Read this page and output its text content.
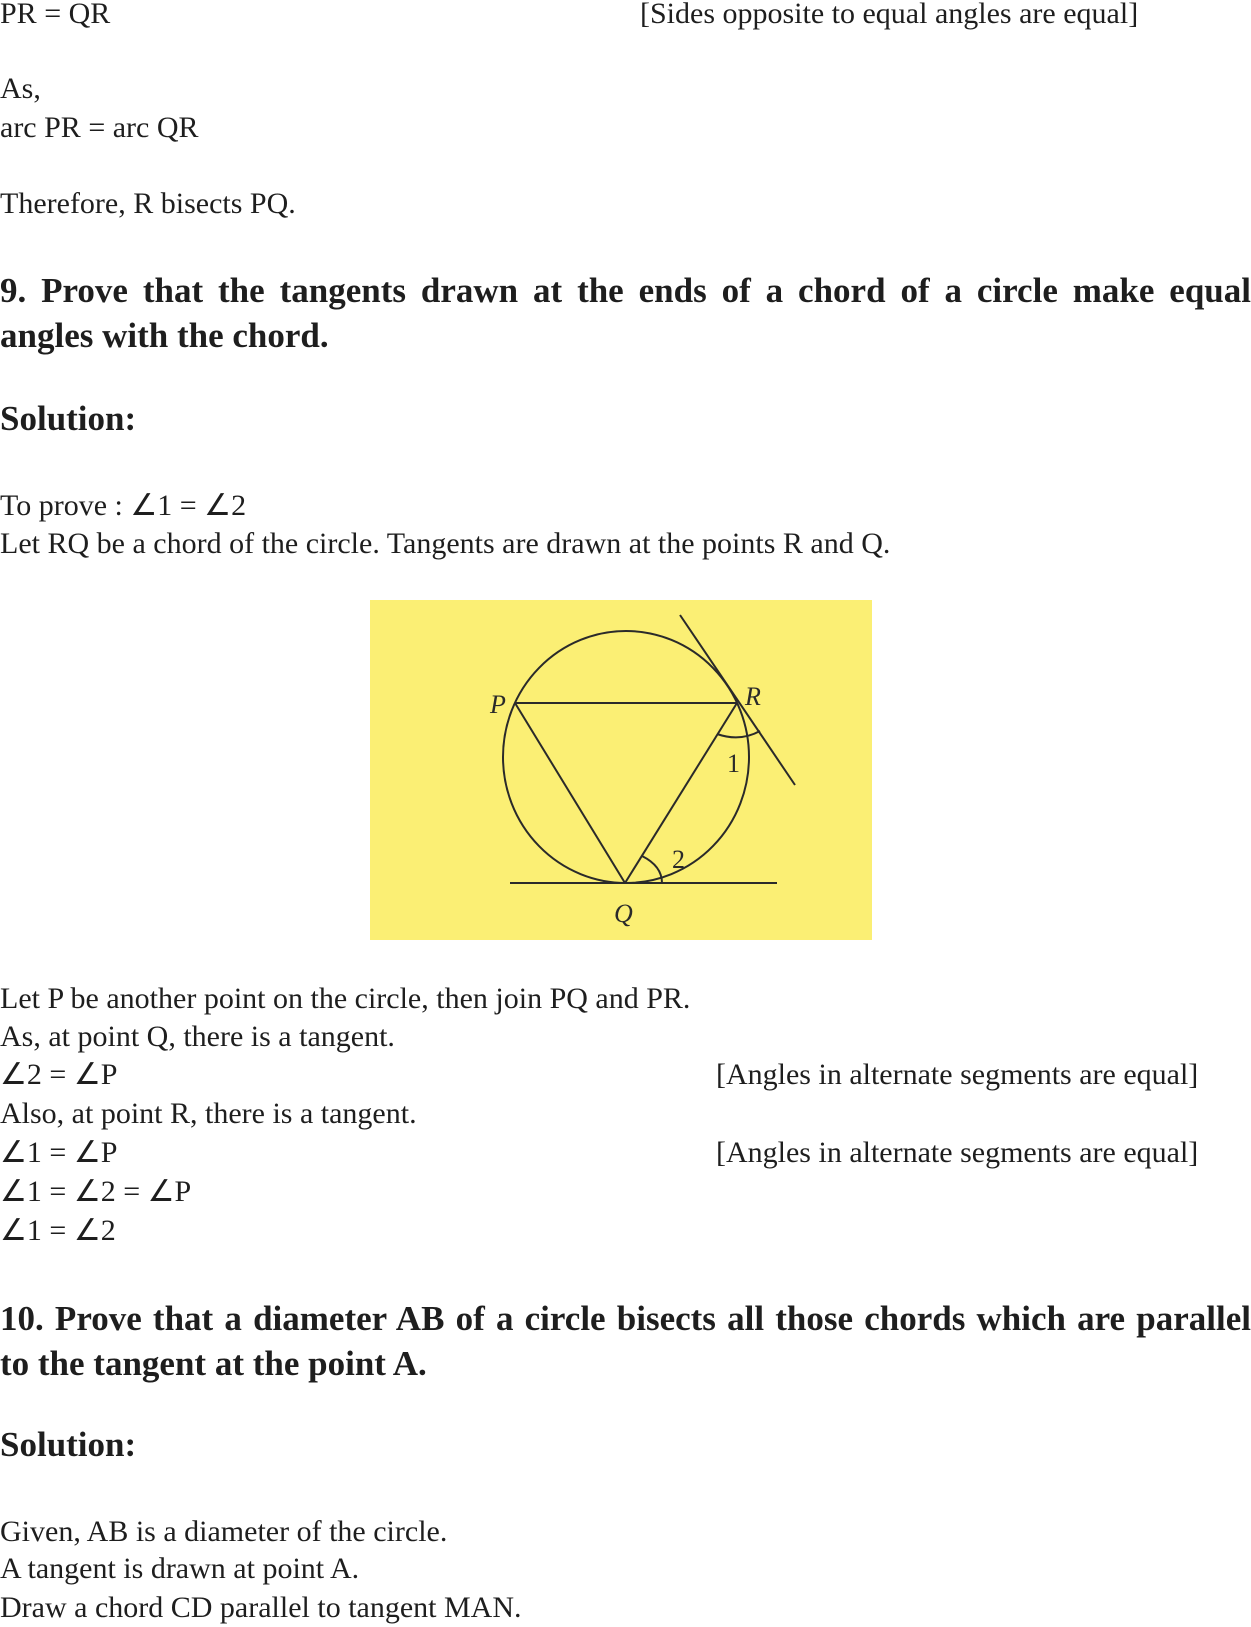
PR = QR	[Sides opposite to equal angles are equal]
As,
arc PR = arc QR
Therefore, R bisects PQ.
9. Prove that the tangents drawn at the ends of a chord of a circle make equal angles with the chord.
Solution:
To prove : ∠1 = ∠2
Let RQ be a chord of the circle. Tangents are drawn at the points R and Q.
P	R
Q
1
2
Let P be another point on the circle, then join PQ and PR.
As, at point Q, there is a tangent.
∠2 = ∠P	[Angles in alternate segments are equal]
Also, at point R, there is a tangent.
∠1 = ∠P	[Angles in alternate segments are equal]
∠1 = ∠2 = ∠P
∠1 = ∠2
10. Prove that a diameter AB of a circle bisects all those chords which are parallel to the tangent at the point A.
Solution:
Given, AB is a diameter of the circle.
A tangent is drawn at point A.
Draw a chord CD parallel to tangent MAN.
